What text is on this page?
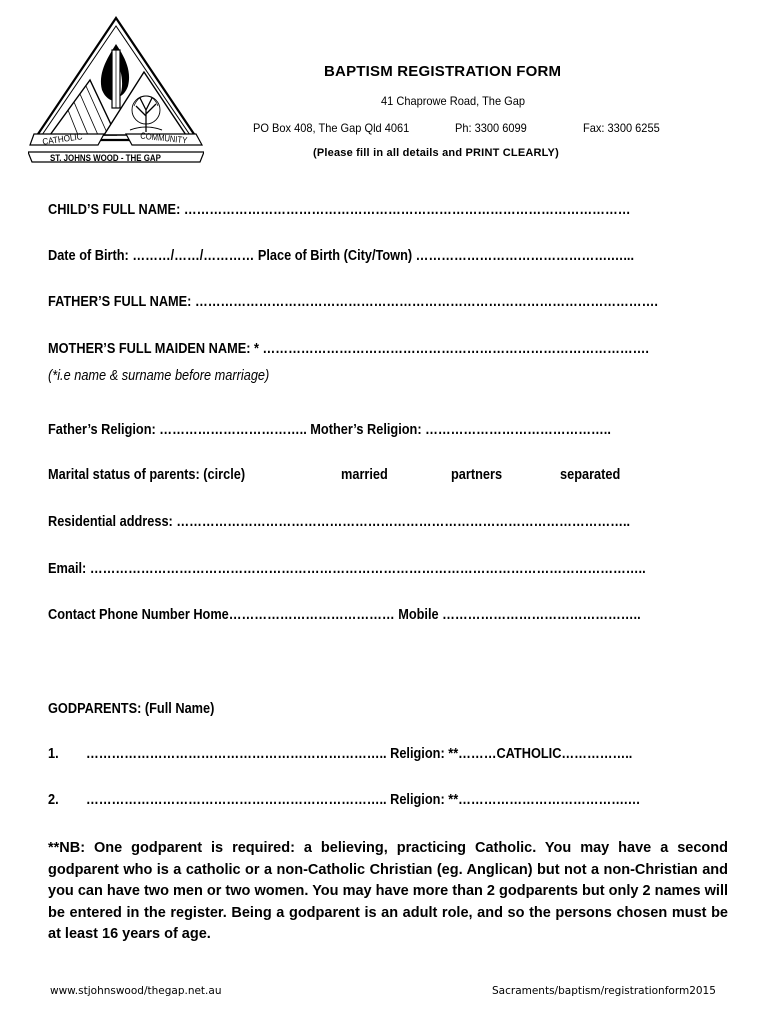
CATHOLIC	COMMUNITY
ST. JOHNS WOOD - THE GAP
BAPTISM REGISTRATION FORM
41 Chaprowe Road, The Gap
PO Box 408, The Gap Qld 4061	Ph: 3300 6099	Fax: 3300 6255
(Please fill in all details and PRINT CLEARLY)
CHILD’S FULL NAME: ……………………………………………………………………………………………
Date of Birth: ………/……/………… Place of Birth (City/Town) ……………………………………….…...
FATHER’S FULL NAME: ……………………………………………………………………………………………….
MOTHER’S FULL MAIDEN NAME: * ……………………………………………………………………………….
(*i.e name & surname before marriage)
Father’s Religion: …………………………….. Mother’s Religion: ……………………………………..
Marital status of parents: (circle)	married	partners	separated
Residential address: ……………………………………………………………………………………………..
Email: …………………………………………………………………………………………………………………..
Contact Phone Number Home………………………………… Mobile ………………………………………..
GODPARENTS: (Full Name)
1. …………………………………………………………….. Religion: **………CATHOLIC……………..
2. …………………………………………………………….. Religion: **………………………………….…
**NB: One godparent is required: a believing, practicing Catholic. You may have a second godparent who is a catholic or a non-Catholic Christian (eg. Anglican) but not a non-Christian and you can have two men or two women. You may have more than 2 godparents but only 2 names will be entered in the register. Being a godparent is an adult role, and so the persons chosen must be at least 16 years of age.
www.stjohnswood/thegap.net.au	Sacraments/baptism/registrationform2015
